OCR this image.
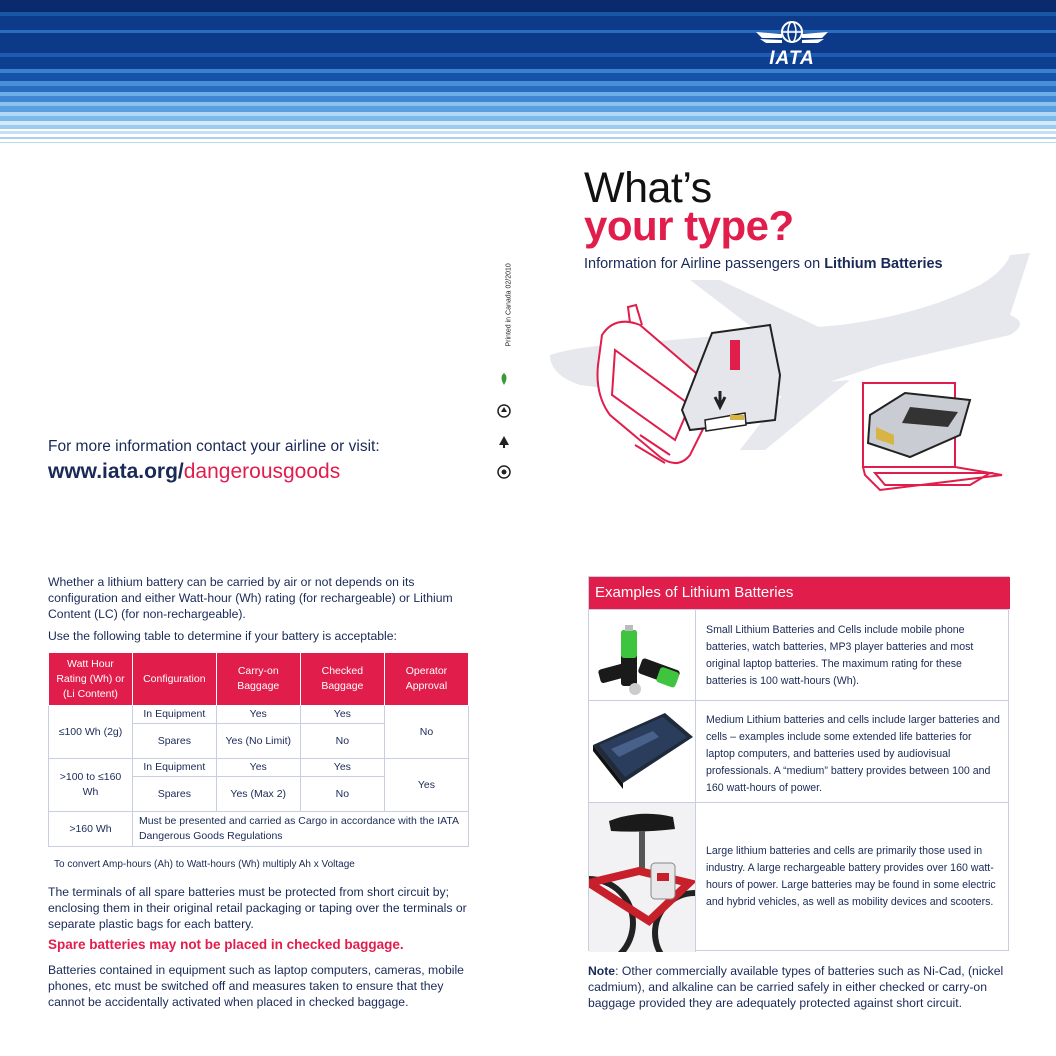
IATA
What’s
your type?
Information for Airline passengers on Lithium Batteries
Printed in Canada 02/2010
For more information contact your airline or visit:
www.iata.org/dangerousgoods
Whether a lithium battery can be carried by air or not depends on its configuration and either Watt-hour (Wh) rating (for rechargeable) or Lithium Content (LC) (for non-rechargeable).
Use the following table to determine if your battery is acceptable:
Watt Hour Rating (Wh) or (Li Content)	Configuration	Carry-on Baggage	Checked Baggage	Operator Approval
≤100 Wh (2g)	In Equipment	Yes	Yes	No
	Spares	Yes (No Limit)	No	
>100 to ≤160 Wh	In Equipment	Yes	Yes	Yes
	Spares	Yes (Max 2)	No	
>160 Wh	Must be presented and carried as Cargo in accordance with the IATA Dangerous Goods Regulations			
To convert Amp-hours (Ah) to Watt-hours (Wh) multiply Ah x Voltage
The terminals of all spare batteries must be protected from short circuit by; enclosing them in their original retail packaging or taping over the terminals or separate plastic bags for each battery.
Spare batteries may not be placed in checked baggage.
Batteries contained in equipment such as laptop computers, cameras, mobile phones, etc must be switched off and measures taken to ensure that they cannot be accidentally activated when placed in checked baggage.
Examples of Lithium Batteries
Small Lithium Batteries and Cells include mobile phone batteries, watch batteries, MP3 player batteries and most original laptop batteries. The maximum rating for these batteries is 100 watt-hours (Wh).
Medium Lithium batteries and cells include larger batteries and cells – examples include some extended life batteries for laptop computers, and batteries used by audiovisual professionals. A “medium” battery provides between 100 and 160 watt-hours of power.
Large lithium batteries and cells are primarily those used in industry. A large rechargeable battery provides over 160 watt-hours of power. Large batteries may be found in some electric and hybrid vehicles, as well as mobility devices and scooters.
Note: Other commercially available types of batteries such as Ni-Cad, (nickel cadmium), and alkaline can be carried safely in either checked or carry-on baggage provided they are adequately protected against short circuit.
